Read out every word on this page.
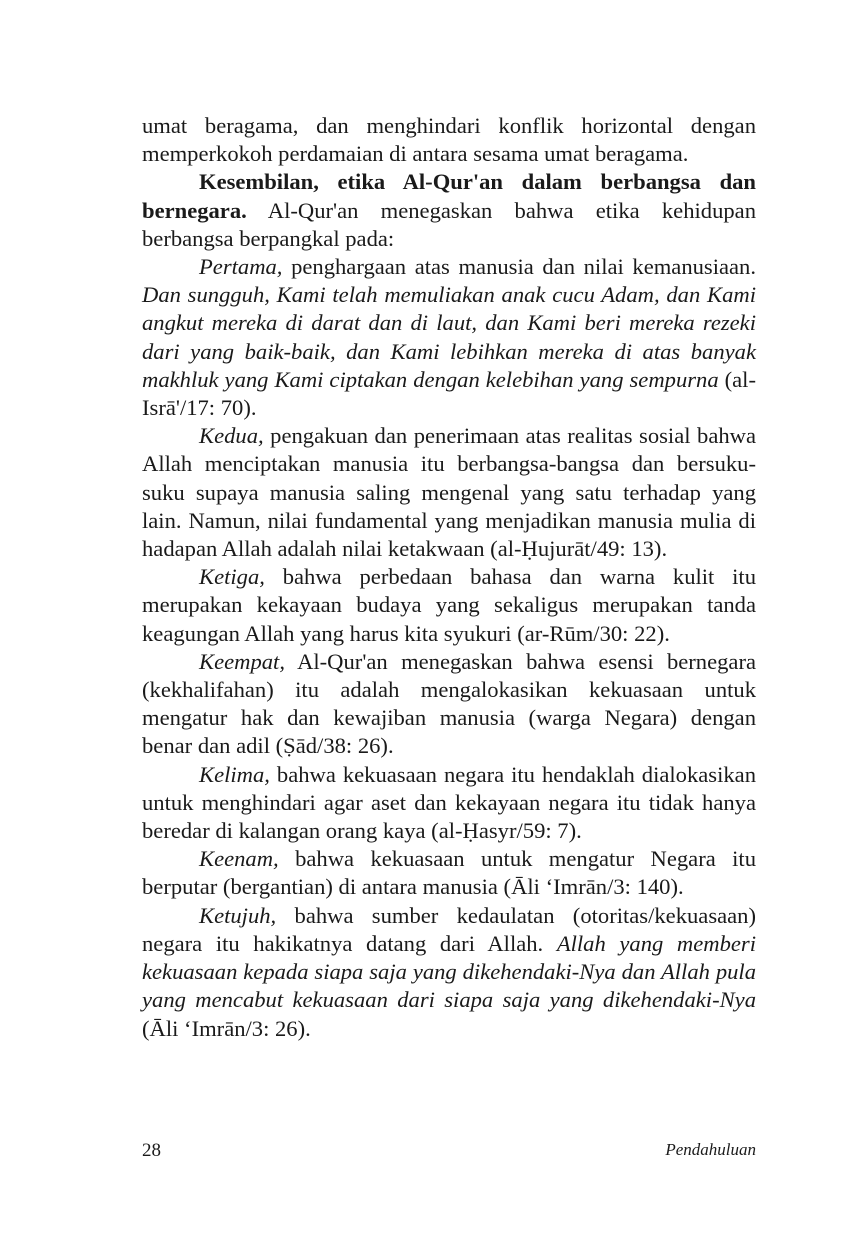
umat beragama, dan menghindari konflik horizontal dengan memperkokoh perdamaian di antara sesama umat beragama.

Kesembilan, etika Al-Qur'an dalam berbangsa dan bernegara. Al-Qur'an menegaskan bahwa etika kehidupan berbangsa berpangkal pada:

Pertama, penghargaan atas manusia dan nilai kemanusiaan. Dan sungguh, Kami telah memuliakan anak cucu Adam, dan Kami angkut mereka di darat dan di laut, dan Kami beri mereka rezeki dari yang baik-baik, dan Kami lebihkan mereka di atas banyak makhluk yang Kami ciptakan dengan kelebihan yang sempurna (al-Isrā'/17: 70).

Kedua, pengakuan dan penerimaan atas realitas sosial bahwa Allah menciptakan manusia itu berbangsa-bangsa dan bersuku-suku supaya manusia saling mengenal yang satu terhadap yang lain. Namun, nilai fundamental yang menjadikan manusia mulia di hadapan Allah adalah nilai ketakwaan (al-Ḥujurāt/49: 13).

Ketiga, bahwa perbedaan bahasa dan warna kulit itu merupakan kekayaan budaya yang sekaligus merupakan tanda keagungan Allah yang harus kita syukuri (ar-Rūm/30: 22).

Keempat, Al-Qur'an menegaskan bahwa esensi bernegara (kekhalifahan) itu adalah mengalokasikan kekuasaan untuk mengatur hak dan kewajiban manusia (warga Negara) dengan benar dan adil (Ṣād/38: 26).

Kelima, bahwa kekuasaan negara itu hendaklah dialokasikan untuk menghindari agar aset dan kekayaan negara itu tidak hanya beredar di kalangan orang kaya (al-Ḥasyr/59: 7).

Keenam, bahwa kekuasaan untuk mengatur Negara itu berputar (bergantian) di antara manusia (Āli ‘Imrān/3: 140).

Ketujuh, bahwa sumber kedaulatan (otoritas/kekuasaan) negara itu hakikatnya datang dari Allah. Allah yang memberi kekuasaan kepada siapa saja yang dikehendaki-Nya dan Allah pula yang mencabut kekuasaan dari siapa saja yang dikehendaki-Nya (Āli ‘Imrān/3: 26).

28	Pendahuluan
